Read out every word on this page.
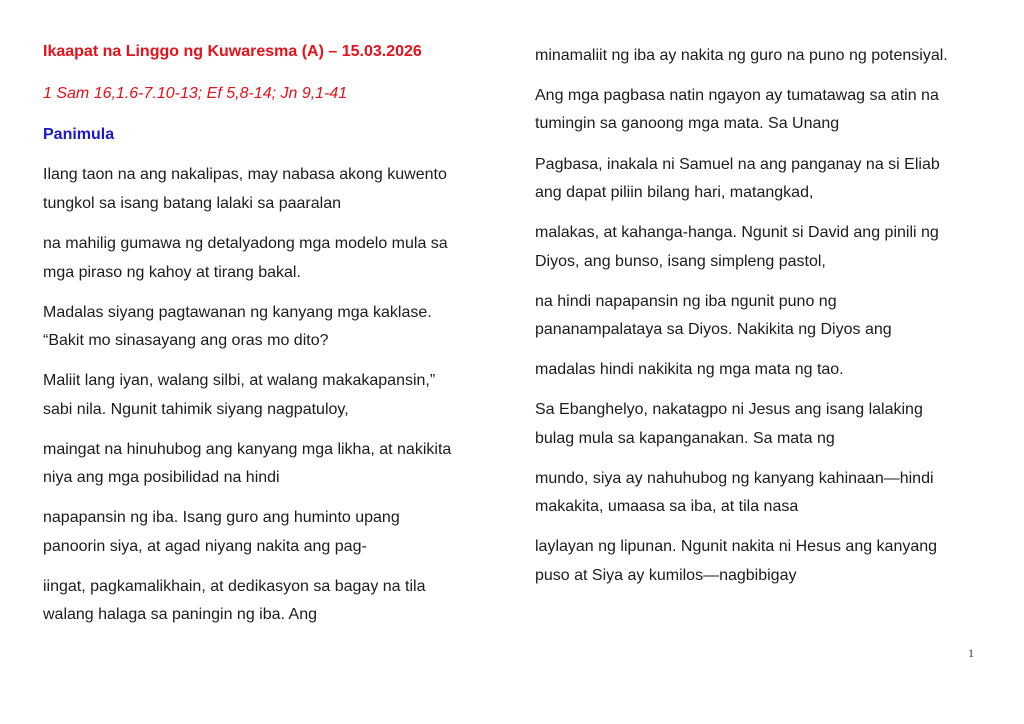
Ikaapat na Linggo ng Kuwaresma (A) – 15.03.2026
1 Sam 16,1.6-7.10-13; Ef 5,8-14; Jn 9,1-41
Panimula
Ilang taon na ang nakalipas, may nabasa akong kuwento
tungkol sa isang batang lalaki sa paaralan
na mahilig gumawa ng detalyadong mga modelo mula sa
mga piraso ng kahoy at tirang bakal.
Madalas siyang pagtawanan ng kanyang mga kaklase.
“Bakit mo sinasayang ang oras mo dito?
Maliit lang iyan, walang silbi, at walang makakapansin,”
sabi nila. Ngunit tahimik siyang nagpatuloy,
maingat na hinuhubog ang kanyang mga likha, at nakikita
niya ang mga posibilidad na hindi
napapansin ng iba. Isang guro ang huminto upang
panoorin siya, at agad niyang nakita ang pag-
iingat, pagkamalikhain, at dedikasyon sa bagay na tila
walang halaga sa paningin ng iba. Ang
minamaliit ng iba ay nakita ng guro na puno ng potensiyal.
Ang mga pagbasa natin ngayon ay tumatawag sa atin na
tumingin sa ganoong mga mata. Sa Unang
Pagbasa, inakala ni Samuel na ang panganay na si Eliab
ang dapat piliin bilang hari, matangkad,
malakas, at kahanga-hanga. Ngunit si David ang pinili ng
Diyos, ang bunso, isang simpleng pastol,
na hindi napapansin ng iba ngunit puno ng
pananampalataya sa Diyos. Nakikita ng Diyos ang
madalas hindi nakikita ng mga mata ng tao.
Sa Ebanghelyo, nakatagpo ni Jesus ang isang lalaking
bulag mula sa kapanganakan. Sa mata ng
mundo, siya ay nahuhubog ng kanyang kahinaan—hindi
makakita, umaasa sa iba, at tila nasa
laylayan ng lipunan. Ngunit nakita ni Hesus ang kanyang
puso at Siya ay kumilos—nagbibigay
1
